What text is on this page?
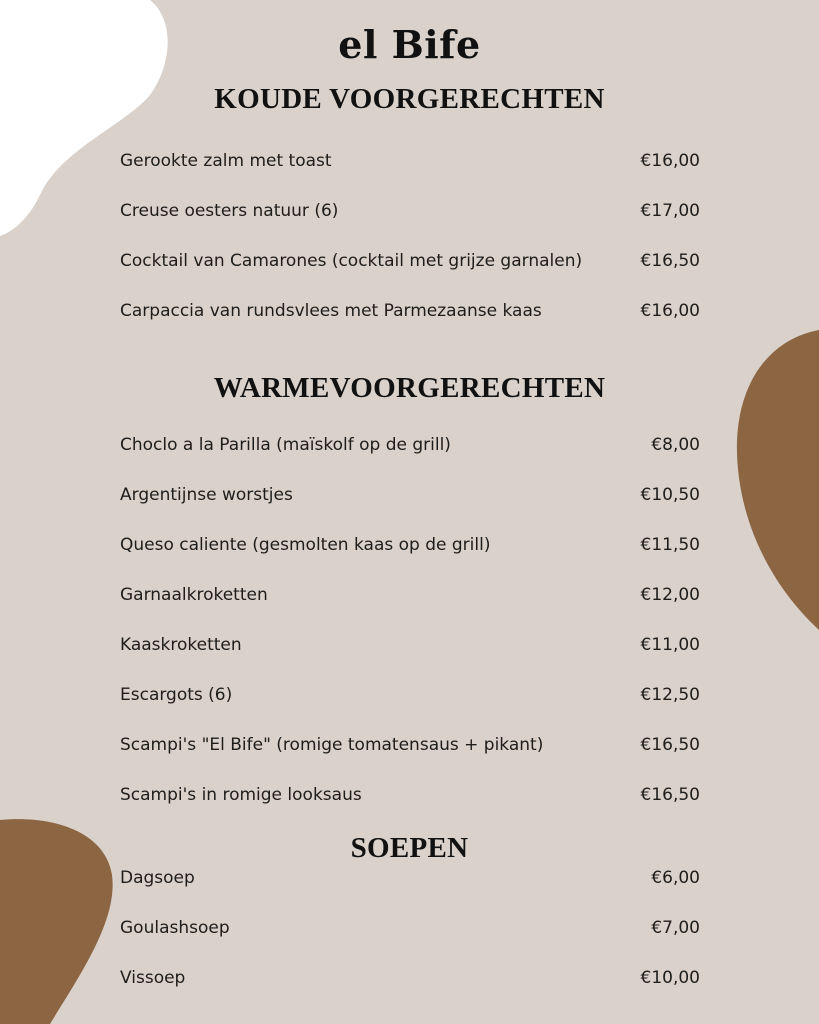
el Bife
KOUDE VOORGERECHTEN
Gerookte zalm met toast	€16,00
Creuse oesters natuur (6)	€17,00
Cocktail van Camarones (cocktail met grijze garnalen)	€16,50
Carpaccia van rundsvlees met Parmezaanse kaas	€16,00
WARMEVOORGERECHTEN
Choclo a la Parilla (maïskolf op de grill)	€8,00
Argentijnse worstjes	€10,50
Queso caliente (gesmolten kaas op de grill)	€11,50
Garnaalkroketten	€12,00
Kaaskroketten	€11,00
Escargots (6)	€12,50
Scampi's "El Bife" (romige tomatensaus + pikant)	€16,50
Scampi's in romige looksaus	€16,50
SOEPEN
Dagsoep	€6,00
Goulashsoep	€7,00
Vissoep	€10,00
